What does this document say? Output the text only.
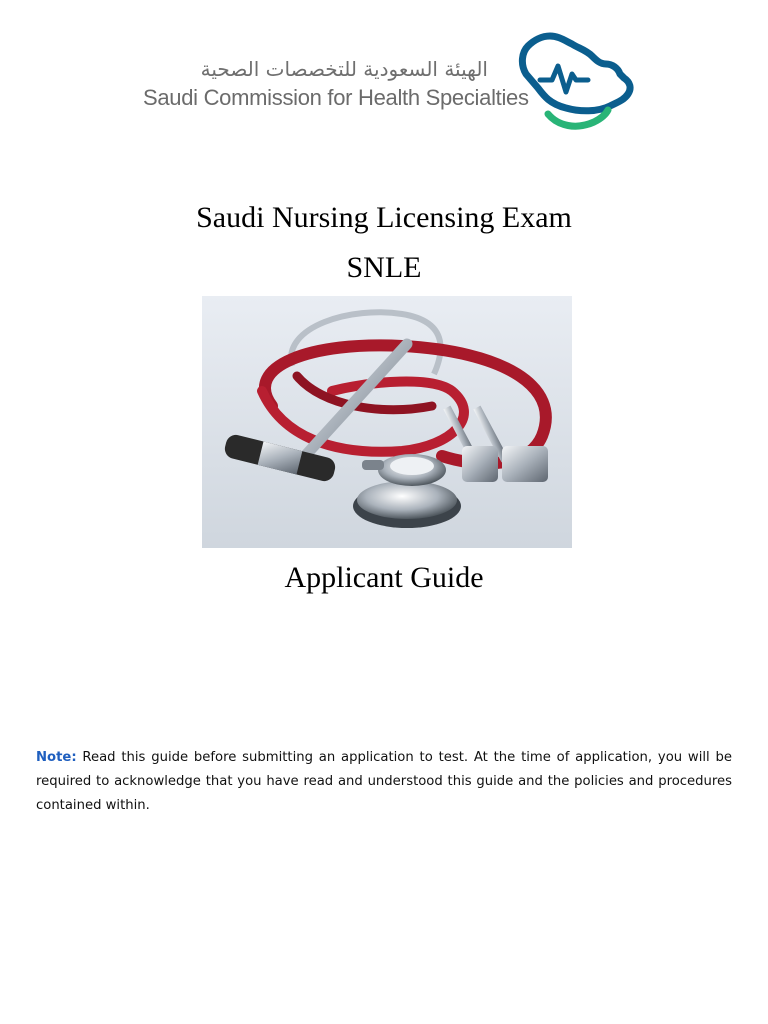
الهيئة السعودية للتخصصات الصحية
Saudi Commission for Health Specialties
Saudi Nursing Licensing Exam
SNLE
Applicant Guide
Note: Read this guide before submitting an application to test. At the time of application, you will be required to acknowledge that you have read and understood this guide and the policies and procedures contained within.
